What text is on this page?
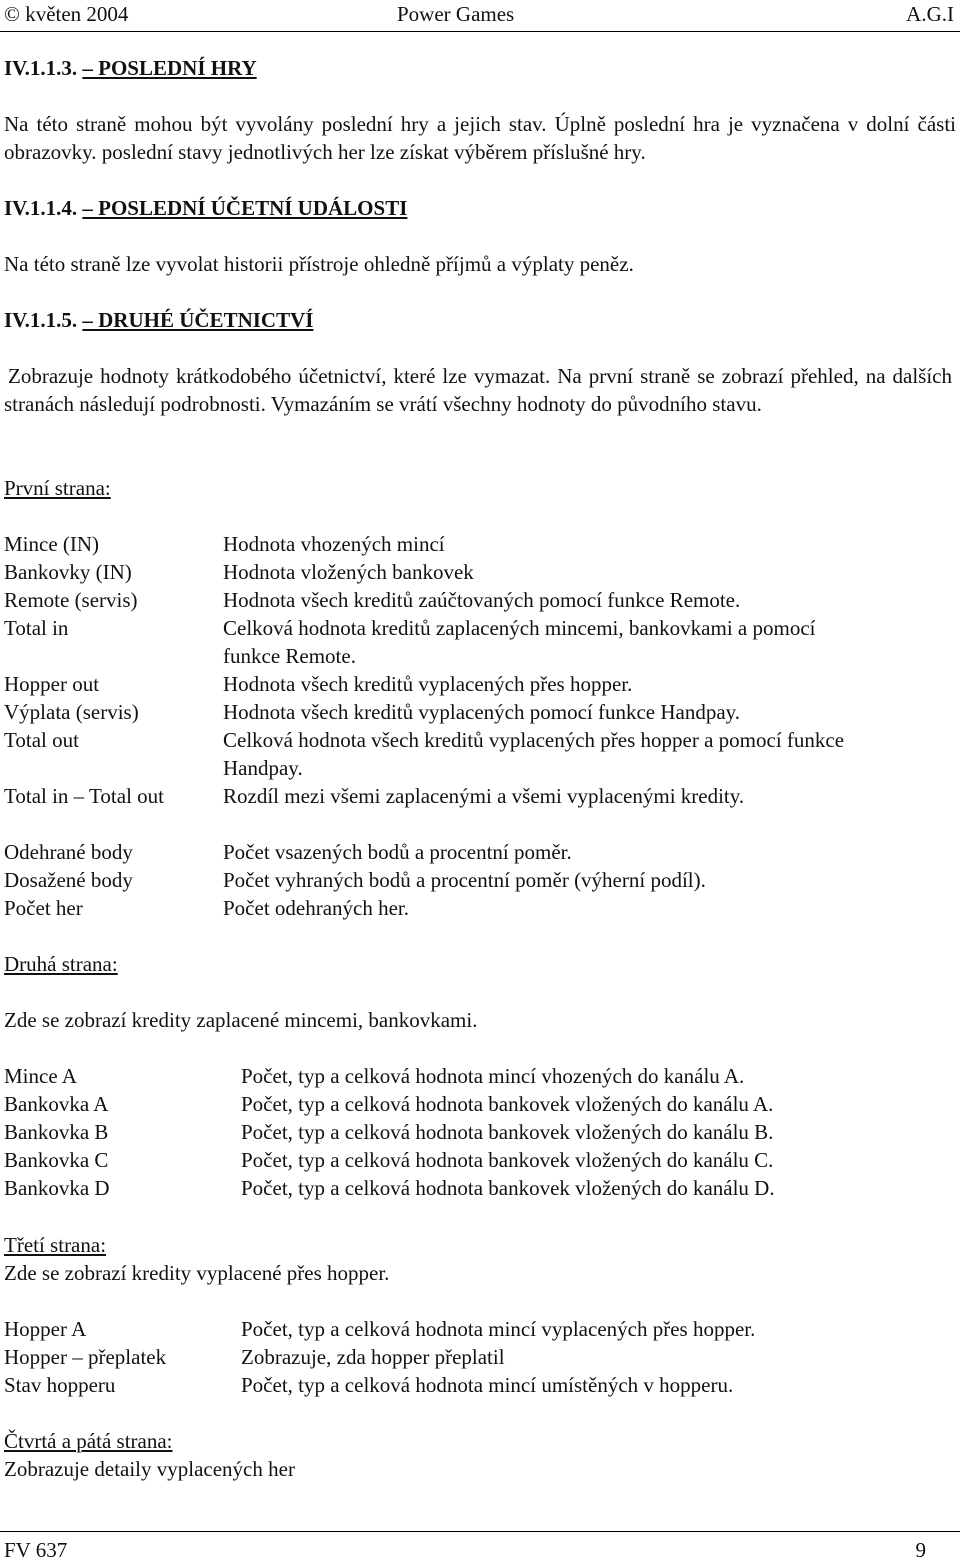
© květen 2004	Power Games	A.G.I
IV.1.1.3. – POSLEDNÍ HRY
Na této straně mohou být vyvolány poslední hry a jejich stav. Úplně poslední hra je vyznačena v dolní části obrazovky. poslední stavy jednotlivých her lze získat výběrem příslušné hry.
IV.1.1.4. – POSLEDNÍ ÚČETNÍ UDÁLOSTI
Na této straně lze vyvolat historii přístroje ohledně příjmů a výplaty peněz.
IV.1.1.5. – DRUHÉ ÚČETNICTVÍ
Zobrazuje hodnoty krátkodobého účetnictví, které lze vymazat. Na první straně se zobrazí přehled, na dalších stranách následují podrobnosti. Vymazáním se vrátí všechny hodnoty do původního stavu.
První strana:
Mince (IN)	Hodnota vhozených mincí
Bankovky (IN)	Hodnota vložených bankovek
Remote (servis)	Hodnota všech kreditů zaúčtovaných pomocí funkce Remote.
Total in	Celková hodnota kreditů zaplacených mincemi, bankovkami a pomocí
funkce Remote.
Hopper out	Hodnota všech kreditů vyplacených přes hopper.
Výplata (servis)	Hodnota všech kreditů vyplacených pomocí funkce Handpay.
Total out	Celková hodnota všech kreditů vyplacených přes hopper a pomocí funkce
Handpay.
Total in – Total out	Rozdíl mezi všemi zaplacenými a všemi vyplacenými kredity.
Odehrané body	Počet vsazených bodů a procentní poměr.
Dosažené body	Počet vyhraných bodů a procentní poměr (výherní podíl).
Počet her	Počet odehraných her.
Druhá strana:
Zde se zobrazí kredity zaplacené mincemi, bankovkami.
Mince A	Počet, typ a celková hodnota mincí vhozených do kanálu A.
Bankovka A	Počet, typ a celková hodnota bankovek vložených do kanálu A.
Bankovka B	Počet, typ a celková hodnota bankovek vložených do kanálu B.
Bankovka C	Počet, typ a celková hodnota bankovek vložených do kanálu C.
Bankovka D	Počet, typ a celková hodnota bankovek vložených do kanálu D.
Třetí strana:
Zde se zobrazí kredity vyplacené přes hopper.
Hopper A	Počet, typ a celková hodnota mincí vyplacených přes hopper.
Hopper – přeplatek	Zobrazuje, zda hopper přeplatil
Stav hopperu	Počet, typ a celková hodnota mincí umístěných v hopperu.
Čtvrtá a pátá strana:
Zobrazuje detaily vyplacených her
FV 637	9
